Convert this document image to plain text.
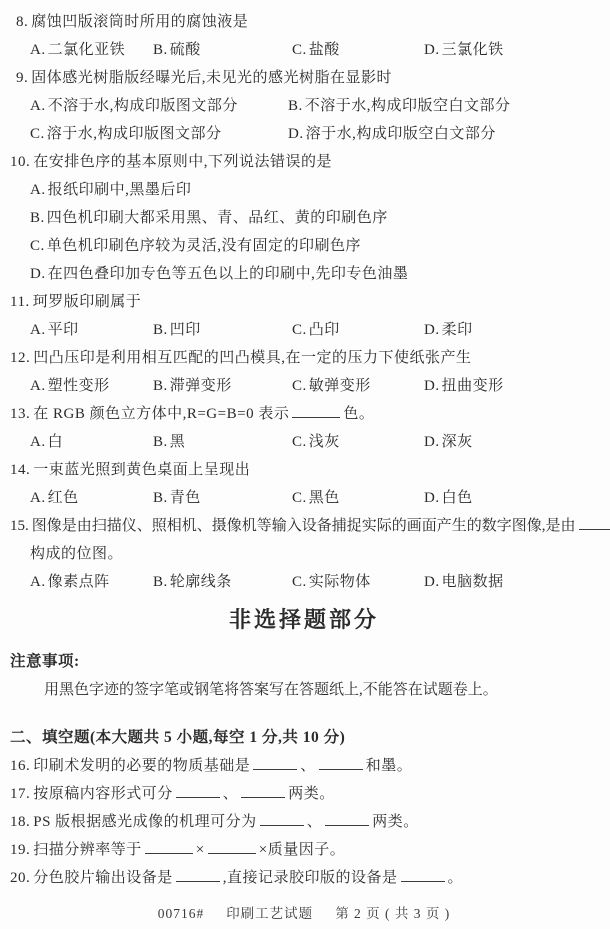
8. 腐蚀凹版滚筒时所用的腐蚀液是
A. 二氯化亚铁 B. 硫酸	C. 盐酸	D. 三氯化铁
9. 固体感光树脂版经曝光后,未见光的感光树脂在显影时
A. 不溶于水,构成印版图文部分	B. 不溶于水,构成印版空白文部分
C. 溶于水,构成印版图文部分	D. 溶于水,构成印版空白文部分
10. 在安排色序的基本原则中,下列说法错误的是
A. 报纸印刷中,黑墨后印
B. 四色机印刷大都采用黑、青、品红、黄的印刷色序
C. 单色机印刷色序较为灵活,没有固定的印刷色序
D. 在四色叠印加专色等五色以上的印刷中,先印专色油墨
11. 珂罗版印刷属于
A. 平印	B. 凹印	C. 凸印	D. 柔印
12. 凹凸压印是利用相互匹配的凹凸模具,在一定的压力下使纸张产生
A. 塑性变形	B. 滞弹变形	C. 敏弹变形	D. 扭曲变形
13. 在 RGB 颜色立方体中,R=G=B=0 表示	色。
A. 白	B. 黑	C. 浅灰	D. 深灰
14. 一束蓝光照到黄色桌面上呈现出
A. 红色	B. 青色	C. 黑色	D. 白色
15. 图像是由扫描仪、照相机、摄像机等输入设备捕捉实际的画面产生的数字图像,是由
构成的位图。
A. 像素点阵	B. 轮廓线条	C. 实际物体	D. 电脑数据
非选择题部分
注意事项:
用黑色字迹的签字笔或钢笔将答案写在答题纸上,不能答在试题卷上。
二、填空题(本大题共 5 小题,每空 1 分,共 10 分)
16. 印刷术发明的必要的物质基础是	、	和墨。
17. 按原稿内容形式可分	、	两类。
18. PS 版根据感光成像的机理可分为	、	两类。
19. 扫描分辨率等于	×	×质量因子。
20. 分色胶片输出设备是	,直接记录胶印版的设备是	。
00716# 印刷工艺试题 第 2 页 ( 共 3 页 )
